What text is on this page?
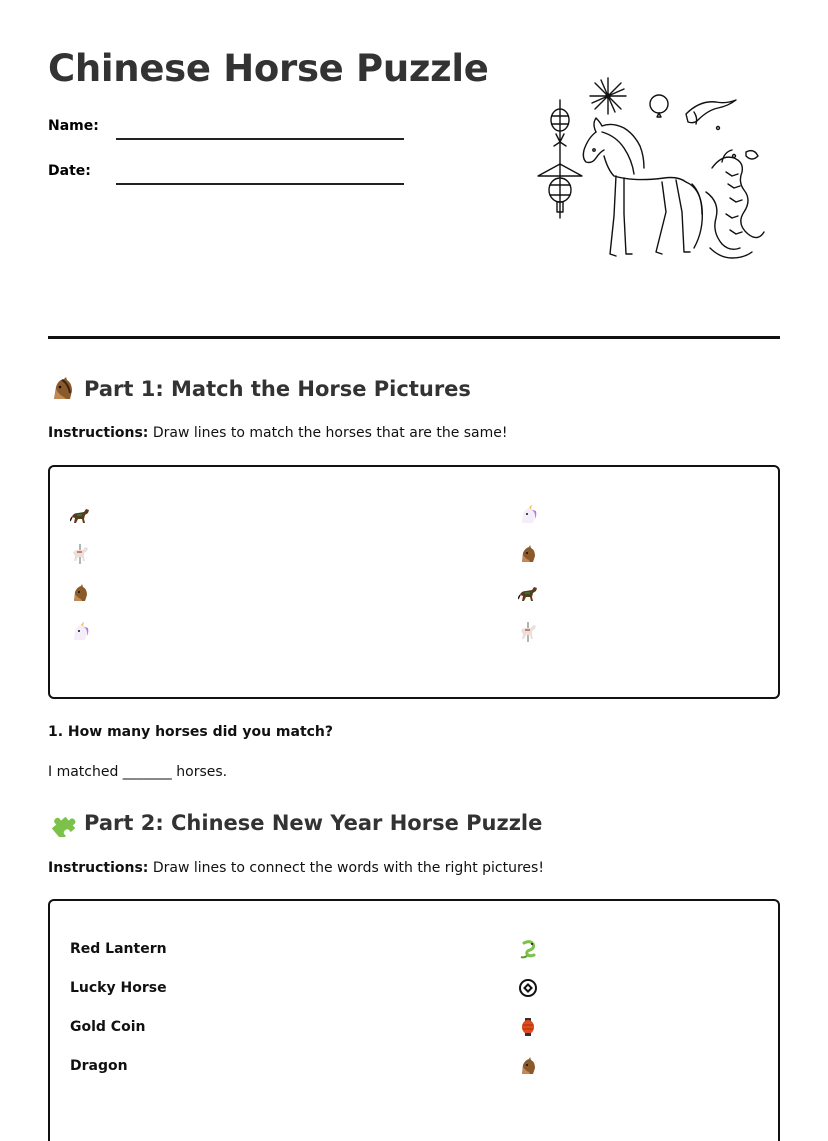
Chinese Horse Puzzle
Name:
Date:
Part 1: Match the Horse Pictures
Instructions: Draw lines to match the horses that are the same!
1. How many horses did you match?
I matched _______ horses.
Part 2: Chinese New Year Horse Puzzle
Instructions: Draw lines to connect the words with the right pictures!
Red Lantern
Lucky Horse
Gold Coin
Dragon
